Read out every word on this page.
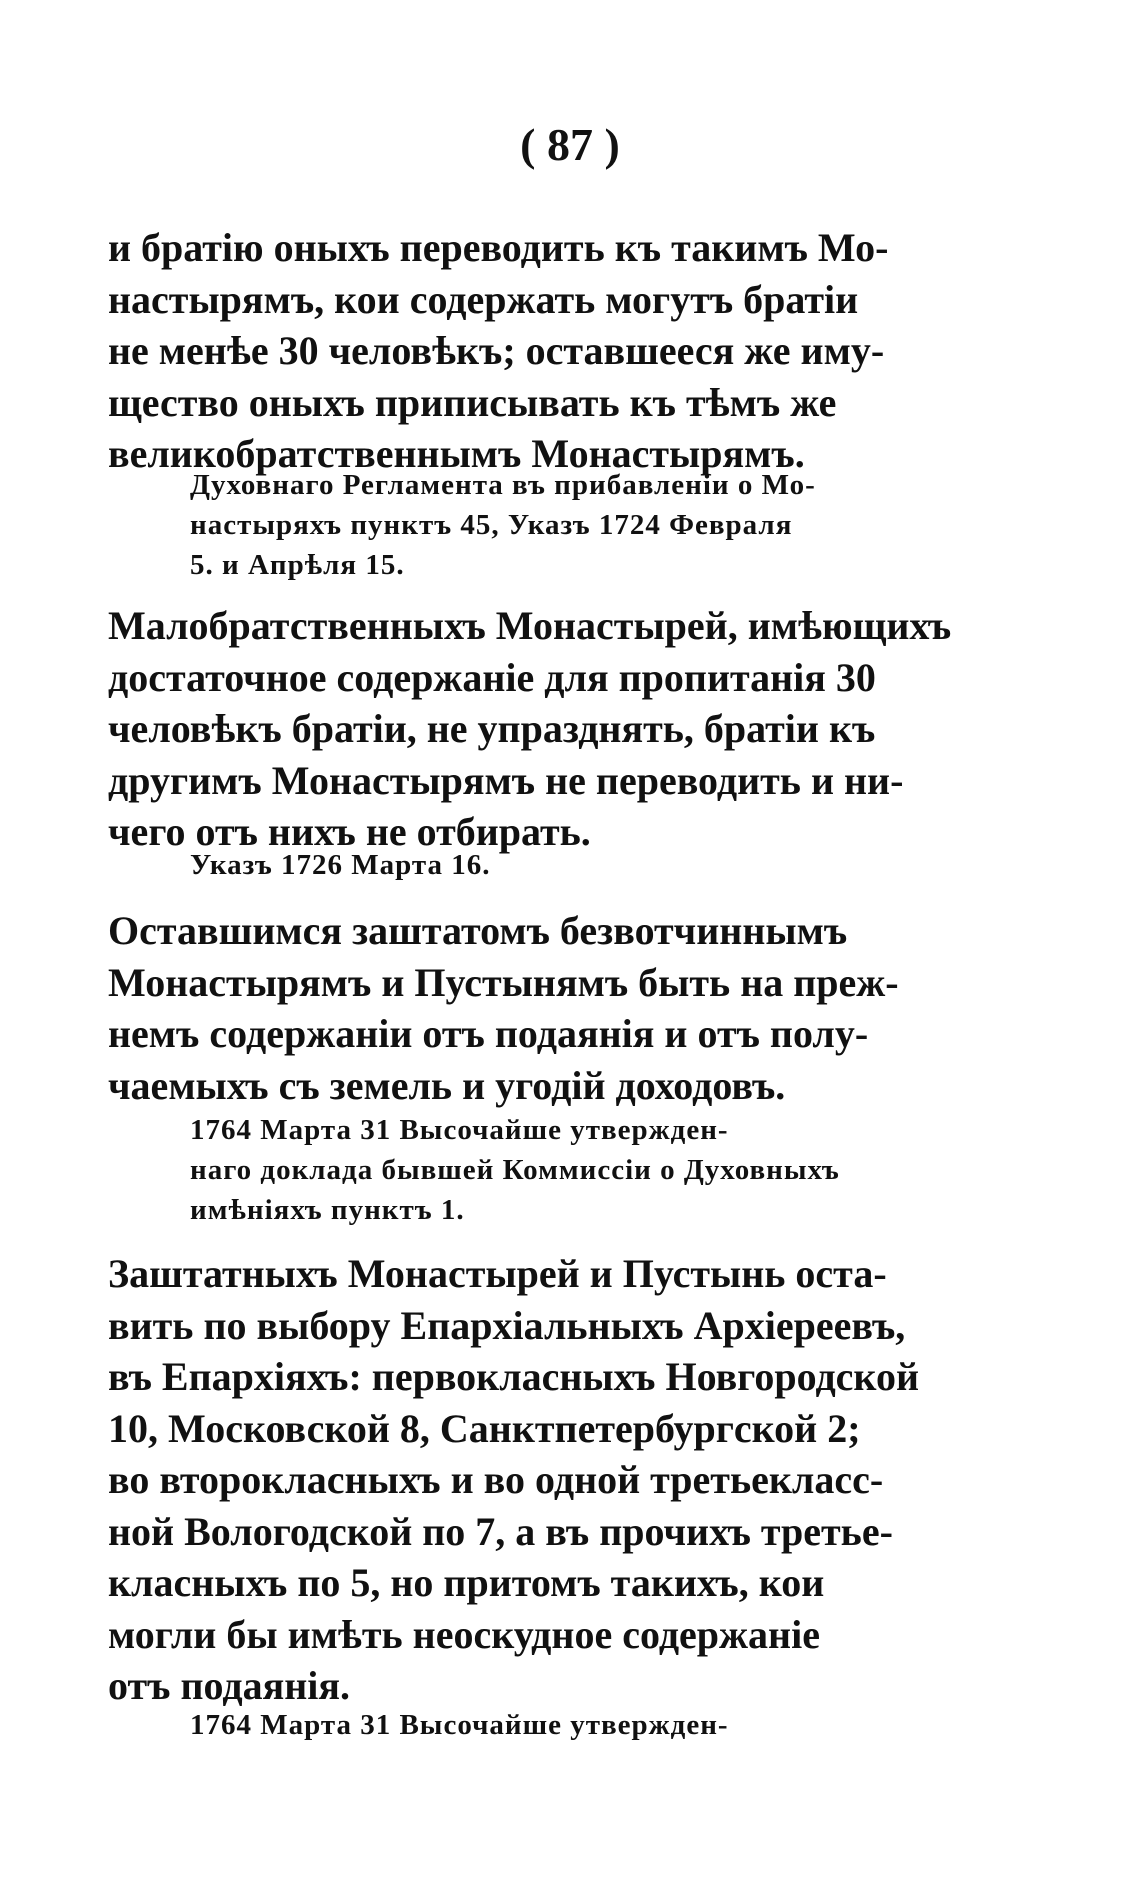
( 87 )
и братію оныхъ переводить къ такимъ Мо-
настырямъ, кои содержать могутъ братіи
не менѣе 30 человѣкъ; оставшееся же иму-
щество оныхъ приписывать къ тѣмъ же
великобратственнымъ Монастырямъ.
Духовнаго Регламента въ прибавленіи о Мо-
настыряхъ пунктъ 45, Указъ 1724 Февраля
5. и Апрѣля 15.
Малобратственныхъ Монастырей, имѣющихъ
достаточное содержаніе для пропитанія 30
человѣкъ братіи, не упразднять, братіи къ
другимъ Монастырямъ не переводить и ни-
чего отъ нихъ не отбирать.
Указъ 1726 Марта 16.
Оставшимся заштатомъ безвотчиннымъ
Монастырямъ и Пустынямъ быть на преж-
немъ содержаніи отъ подаянія и отъ полу-
чаемыхъ съ земель и угодій доходовъ.
1764 Марта 31 Высочайше утвержден-
наго доклада бывшей Коммиссіи о Духовныхъ
имѣніяхъ пунктъ 1.
Заштатныхъ Монастырей и Пустынь оста-
вить по выбору Епархіальныхъ Архіереевъ,
въ Епархіяхъ: первокласныхъ Новгородской
10, Московской 8, Санктпетербургской 2;
во второкласныхъ и во одной третьекласс-
ной Вологодской по 7, а въ прочихъ третье-
класныхъ по 5, но притомъ такихъ, кои
могли бы имѣть неоскудное содержаніе
отъ подаянія.
1764 Марта 31 Высочайше утвержден-
